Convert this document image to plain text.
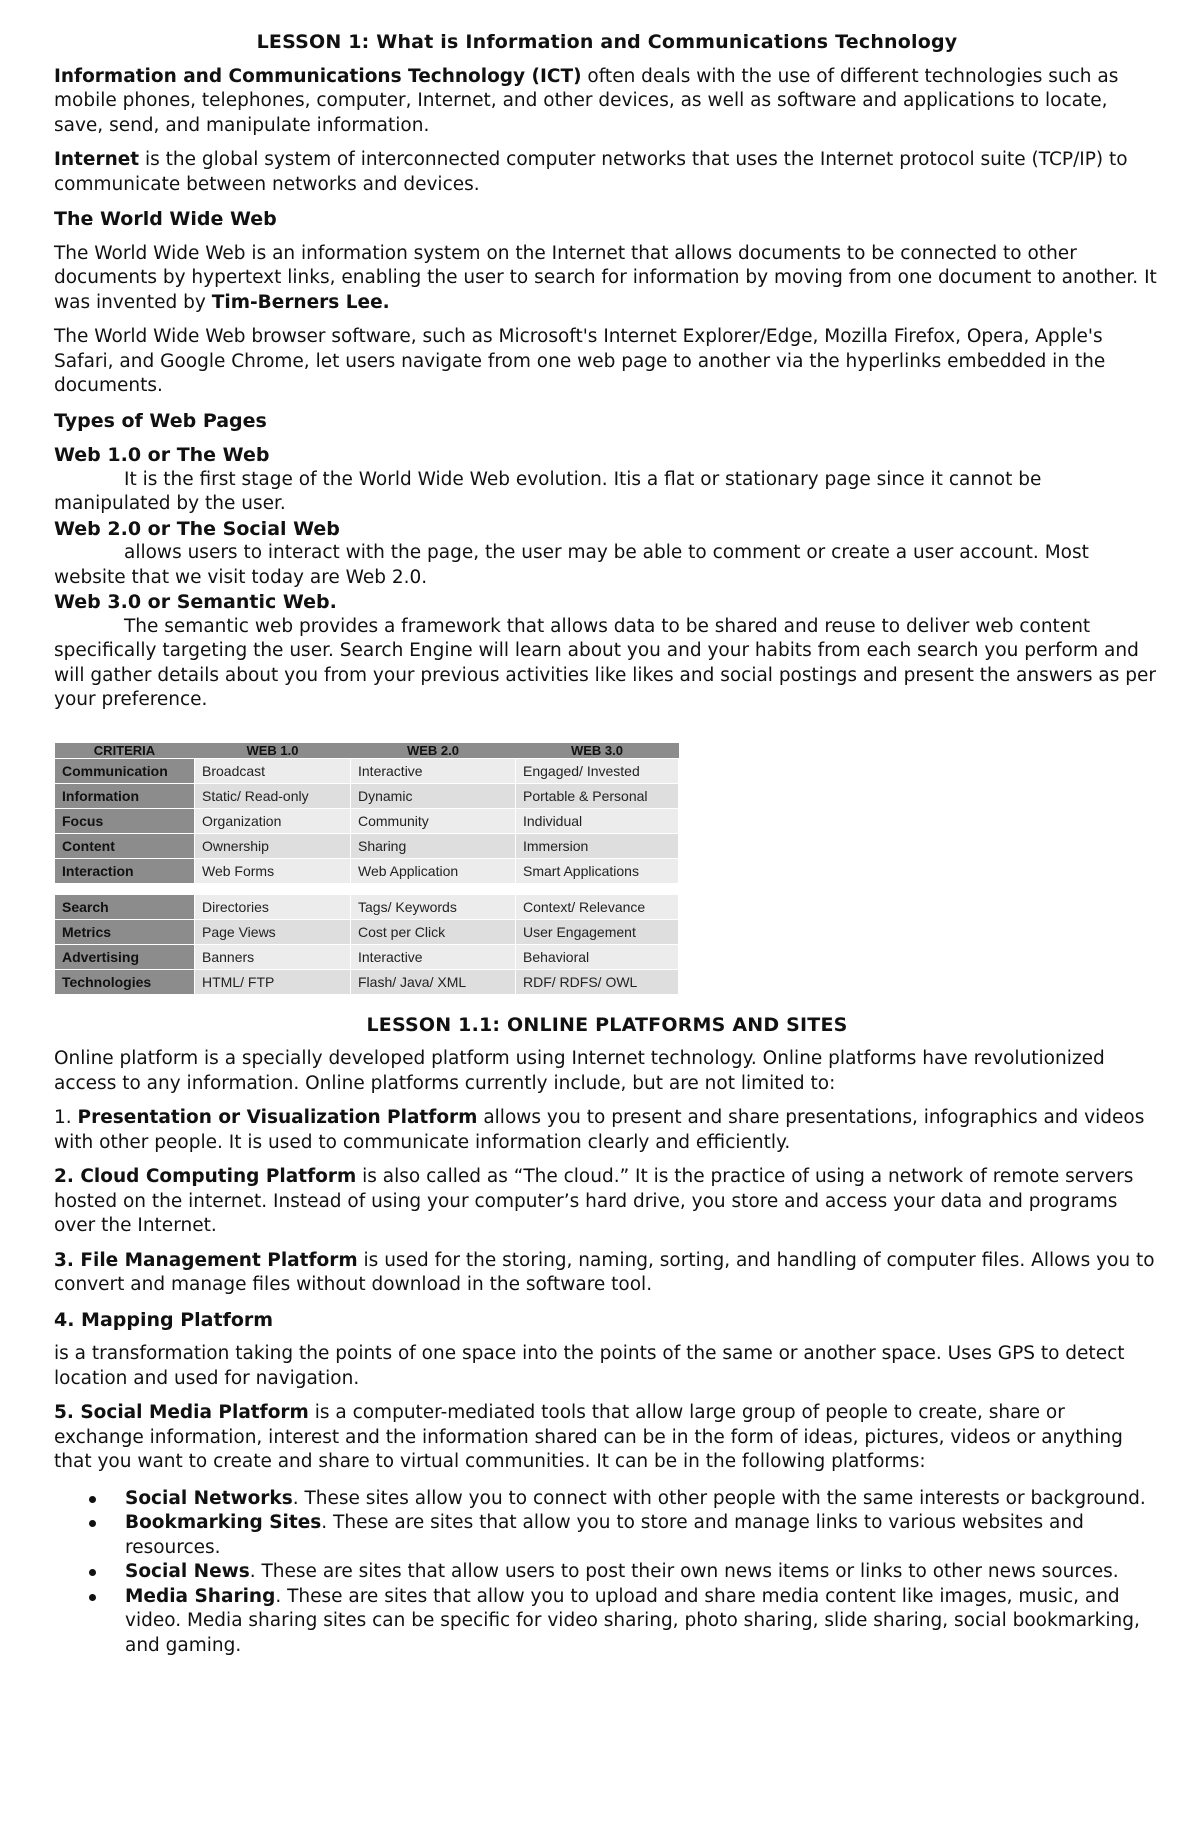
LESSON 1: What is Information and Communications Technology

Information and Communications Technology (ICT) often deals with the use of different technologies such as mobile phones, telephones, computer, Internet, and other devices, as well as software and applications to locate, save, send, and manipulate information.

Internet is the global system of interconnected computer networks that uses the Internet protocol suite (TCP/IP) to communicate between networks and devices.

The World Wide Web

The World Wide Web is an information system on the Internet that allows documents to be connected to other documents by hypertext links, enabling the user to search for information by moving from one document to another. It was invented by Tim-Berners Lee.

The World Wide Web browser software, such as Microsoft's Internet Explorer/Edge, Mozilla Firefox, Opera, Apple's Safari, and Google Chrome, let users navigate from one web page to another via the hyperlinks embedded in the documents.

Types of Web Pages
Web 1.0 or The Web

It is the first stage of the World Wide Web evolution. Itis a flat or stationary page since it cannot be manipulated by the user.

Web 2.0 or The Social Web

allows users to interact with the page, the user may be able to comment or create a user account. Most website that we visit today are Web 2.0.

Web 3.0 or Semantic Web.

The semantic web provides a framework that allows data to be shared and reuse to deliver web content specifically targeting the user. Search Engine will learn about you and your habits from each search you perform and will gather details about you from your previous activities like likes and social postings and present the answers as per your preference.

CRITERIA	WEB 1.0	WEB 2.0	WEB 3.0
Communication	Broadcast	Interactive	Engaged/ Invested
Information	Static/ Read-only	Dynamic	Portable & Personal
Focus	Organization	Community	Individual
Content	Ownership	Sharing	Immersion
Interaction	Web Forms	Web Application	Smart Applications

Search	Directories	Tags/ Keywords	Context/ Relevance
Metrics	Page Views	Cost per Click	User Engagement
Advertising	Banners	Interactive	Behavioral
Technologies	HTML/ FTP	Flash/ Java/ XML	RDF/ RDFS/ OWL
LESSON 1.1: ONLINE PLATFORMS AND SITES

Online platform is a specially developed platform using Internet technology. Online platforms have revolutionized access to any information. Online platforms currently include, but are not limited to:

1. Presentation or Visualization Platform allows you to present and share presentations, infographics and videos with other people. It is used to communicate information clearly and efficiently.

2. Cloud Computing Platform is also called as “The cloud.” It is the practice of using a network of remote servers hosted on the internet. Instead of using your computer’s hard drive, you store and access your data and programs over the Internet.

3. File Management Platform is used for the storing, naming, sorting, and handling of computer files. Allows you to convert and manage files without download in the software tool.

4. Mapping Platform

is a transformation taking the points of one space into the points of the same or another space. Uses GPS to detect location and used for navigation.

5. Social Media Platform is a computer-mediated tools that allow large group of people to create, share or exchange information, interest and the information shared can be in the form of ideas, pictures, videos or anything that you want to create and share to virtual communities. It can be in the following platforms:

Social Networks. These sites allow you to connect with other people with the same interests or background.
Bookmarking Sites. These are sites that allow you to store and manage links to various websites and resources.
Social News. These are sites that allow users to post their own news items or links to other news sources.
Media Sharing. These are sites that allow you to upload and share media content like images, music, and video. Media sharing sites can be specific for video sharing, photo sharing, slide sharing, social bookmarking, and gaming.
